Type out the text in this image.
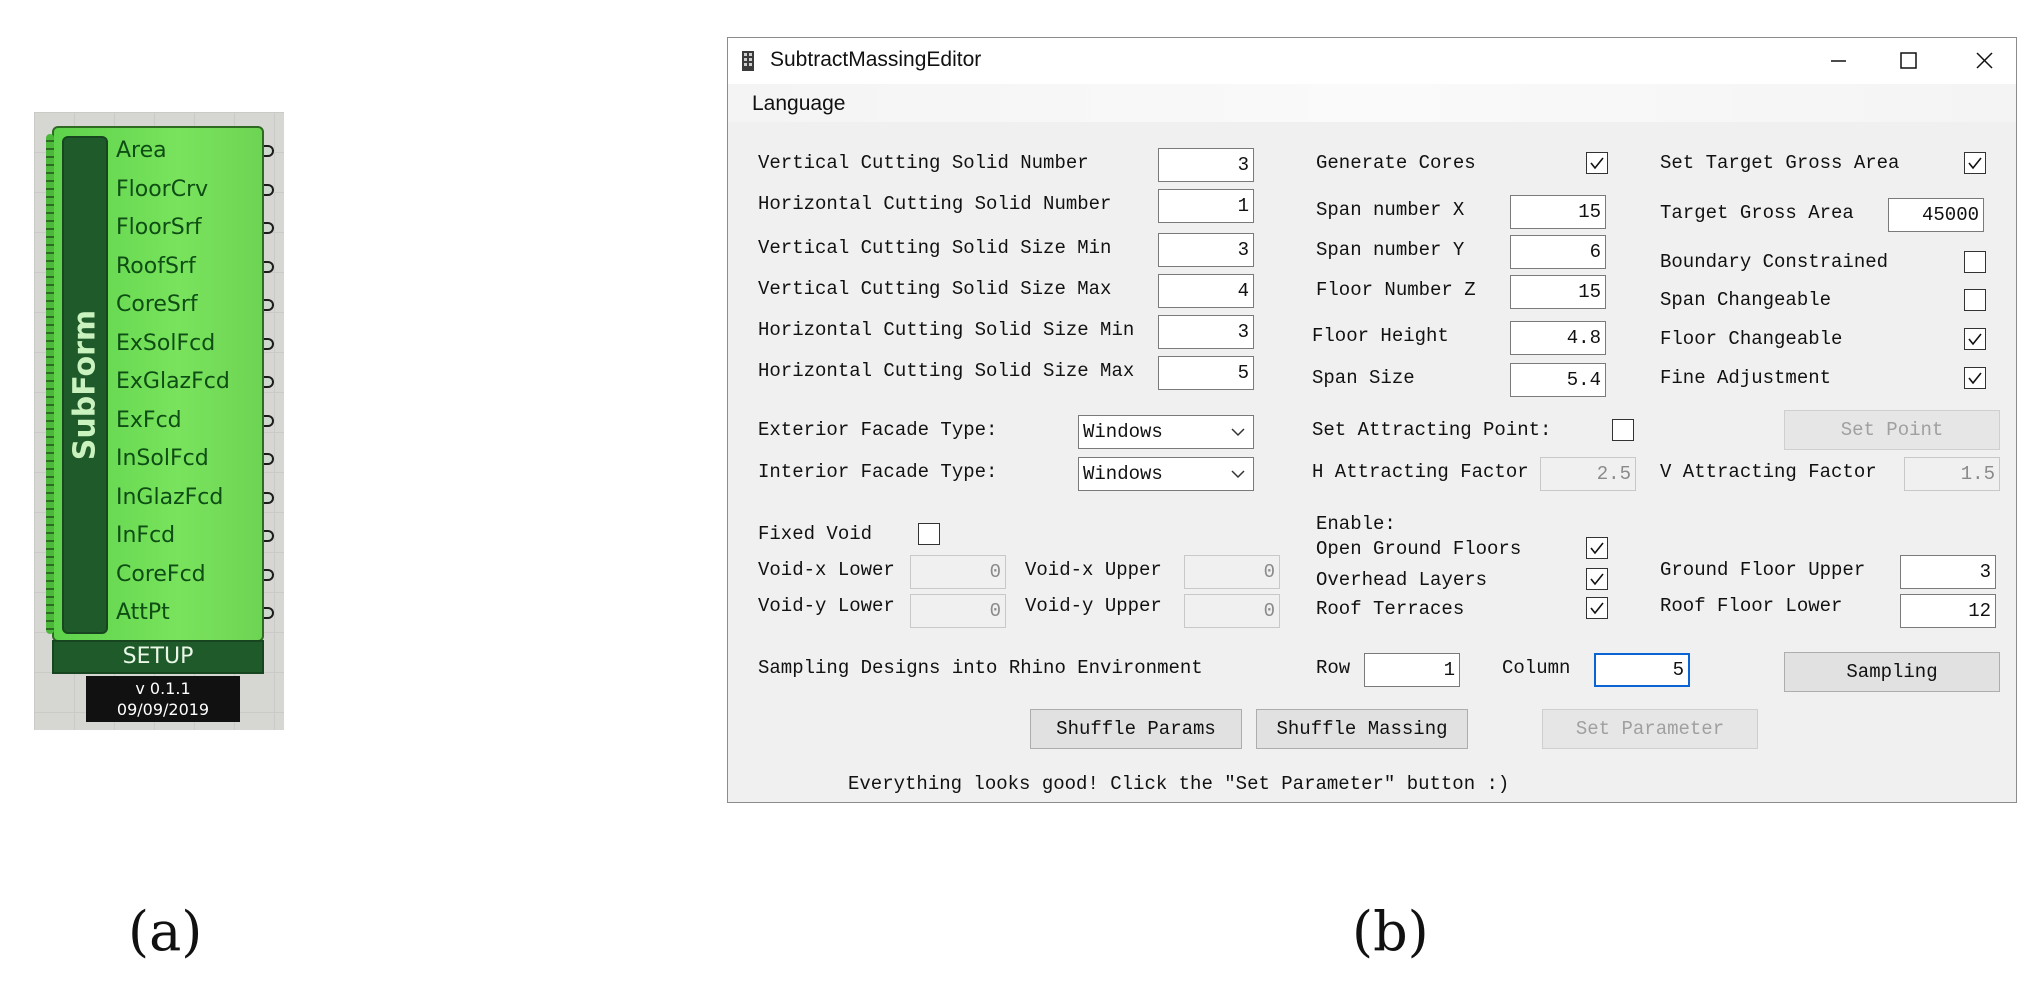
SubForm
Area
FloorCrv
FloorSrf
RoofSrf
CoreSrf
ExSolFcd
ExGlazFcd
ExFcd
InSolFcd
InGlazFcd
InFcd
CoreFcd
AttPt
SETUP
v 0.1.1
09/09/2019
(a)
SubtractMassingEditor
Language
Vertical Cutting Solid Number	3
Horizontal Cutting Solid Number	1
Vertical Cutting Solid Size Min	3
Vertical Cutting Solid Size Max	4
Horizontal Cutting Solid Size Min	3
Horizontal Cutting Solid Size Max	5
Exterior Facade Type:	Windows
Interior Facade Type:	Windows
Fixed Void
Void-x Lower	0 Void-x Upper	0
Void-y Lower	0 Void-y Upper	0
Sampling Designs into Rhino Environment
Generate Cores
Span number X	15
Span number Y	6
Floor Number Z	15
Floor Height	4.8
Span Size	5.4
Set Attracting Point:
H Attracting Factor	2.5
Enable:
Open Ground Floors
Overhead Layers
Roof Terraces
Row	1 Column	5
Set Target Gross Area
Target Gross Area	45000
Boundary Constrained
Span Changeable
Floor Changeable
Fine Adjustment
Set Point
V Attracting Factor	1.5
Ground Floor Upper	3
Roof Floor Lower	12
Sampling
Shuffle Params	Shuffle Massing	Set Parameter
Everything looks good! Click the "Set Parameter" button :)
(b)
